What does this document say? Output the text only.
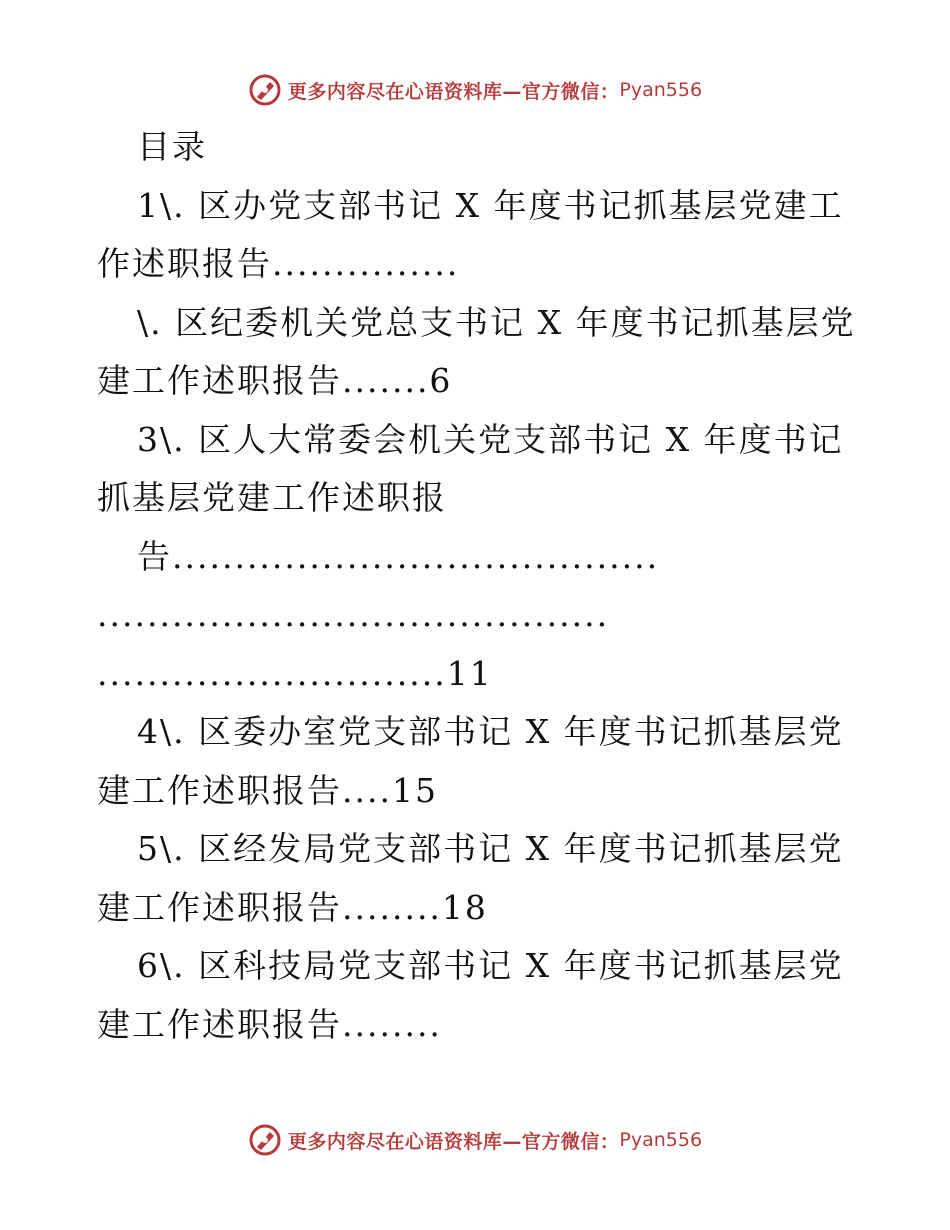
更多内容尽在心语资料库—官方微信： Pyan556
目录
1\. 区办党支部书记 X 年度书记抓基层党建工
作述职报告...............
\. 区纪委机关党总支书记 X 年度书记抓基层党
建工作述职报告.......6
3\. 区人大常委会机关党支部书记 X 年度书记
抓基层党建工作述职报
告.......................................
.........................................
............................11
4\. 区委办室党支部书记 X 年度书记抓基层党
建工作述职报告....15
5\. 区经发局党支部书记 X 年度书记抓基层党
建工作述职报告........18
6\. 区科技局党支部书记 X 年度书记抓基层党
建工作述职报告........
更多内容尽在心语资料库—官方微信： Pyan556
